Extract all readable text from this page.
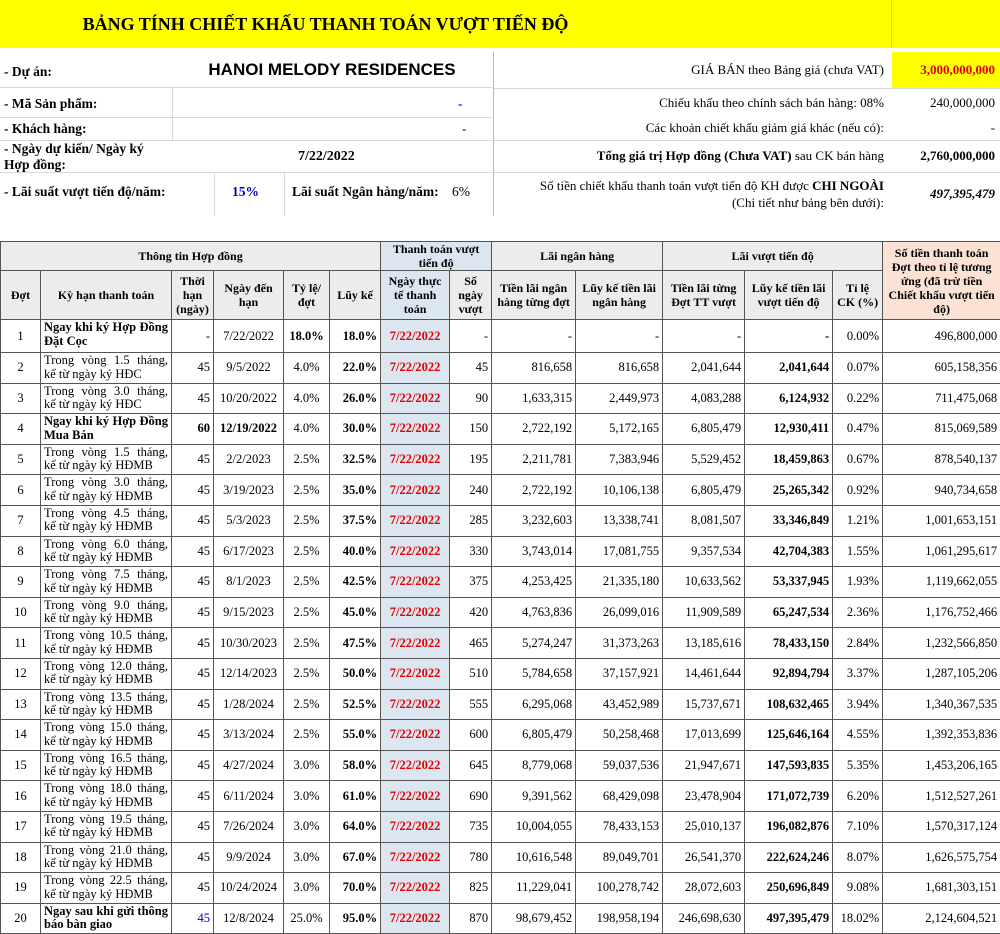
BẢNG TÍNH CHIẾT KHẤU THANH TOÁN VƯỢT TIẾN ĐỘ
- Dự án:	HANOI MELODY RESIDENCES
- Mã Sản phẩm:	-
- Khách hàng:	-
- Ngày dự kiến/ Ngày ký
Hợp đồng:
7/22/2022
- Lãi suất vượt tiến độ/năm:	15% Lãi suất Ngân hàng/năm: 6%
GIÁ BÁN theo Bảng giá (chưa VAT)	3,000,000,000
Chiếu khấu theo chính sách bán hàng: 08%	240,000,000
Các khoản chiết khấu giảm giá khác (nếu có):	-
Tổng giá trị Hợp đồng (Chưa VAT) sau CK bán hàng	2,760,000,000
Số tiền chiết khấu thanh toán vượt tiến độ KH được CHI NGOÀI
(Chi tiết như bảng bên dưới):
497,395,479
Thông tin Hợp đồng						Thanh toán vượt tiến độ		Lãi ngân hàng		Lãi vượt tiến độ			Số tiền thanh toán Đợt theo tỉ lệ tương ứng (đã trừ tiền Chiết khấu vượt tiến độ)
Đợt	Kỳ hạn thanh toán	Thời hạn (ngày)	Ngày đến hạn	Tỷ lệ/đợt	Lũy kế	Ngày thực tế thanh toán	Số ngày vượt	Tiền lãi ngân hàng từng đợt	Lũy kế tiền lãi ngân hàng	Tiền lãi từng Đợt TT vượt	Lũy kế tiền lãi vượt tiến độ	Tỉ lệ CK (%)	
1	Ngay khi ký Hợp Đồng Đặt Cọc	-	7/22/2022	18.0%	18.0%	7/22/2022	-	-	-	-	-	0.00%	496,800,000
2	Trong vòng 1.5 tháng, kể từ ngày ký HĐC	45	9/5/2022	4.0%	22.0%	7/22/2022	45	816,658	816,658	2,041,644	2,041,644	0.07%	605,158,356
3	Trong vòng 3.0 tháng, kể từ ngày ký HĐC	45	10/20/2022	4.0%	26.0%	7/22/2022	90	1,633,315	2,449,973	4,083,288	6,124,932	0.22%	711,475,068
4	Ngay khi ký Hợp Đồng Mua Bán	60	12/19/2022	4.0%	30.0%	7/22/2022	150	2,722,192	5,172,165	6,805,479	12,930,411	0.47%	815,069,589
5	Trong vòng 1.5 tháng, kể từ ngày ký HĐMB	45	2/2/2023	2.5%	32.5%	7/22/2022	195	2,211,781	7,383,946	5,529,452	18,459,863	0.67%	878,540,137
6	Trong vòng 3.0 tháng, kể từ ngày ký HĐMB	45	3/19/2023	2.5%	35.0%	7/22/2022	240	2,722,192	10,106,138	6,805,479	25,265,342	0.92%	940,734,658
7	Trong vòng 4.5 tháng, kể từ ngày ký HĐMB	45	5/3/2023	2.5%	37.5%	7/22/2022	285	3,232,603	13,338,741	8,081,507	33,346,849	1.21%	1,001,653,151
8	Trong vòng 6.0 tháng, kể từ ngày ký HĐMB	45	6/17/2023	2.5%	40.0%	7/22/2022	330	3,743,014	17,081,755	9,357,534	42,704,383	1.55%	1,061,295,617
9	Trong vòng 7.5 tháng, kể từ ngày ký HĐMB	45	8/1/2023	2.5%	42.5%	7/22/2022	375	4,253,425	21,335,180	10,633,562	53,337,945	1.93%	1,119,662,055
10	Trong vòng 9.0 tháng, kể từ ngày ký HĐMB	45	9/15/2023	2.5%	45.0%	7/22/2022	420	4,763,836	26,099,016	11,909,589	65,247,534	2.36%	1,176,752,466
11	Trong vòng 10.5 tháng, kể từ ngày ký HĐMB	45	10/30/2023	2.5%	47.5%	7/22/2022	465	5,274,247	31,373,263	13,185,616	78,433,150	2.84%	1,232,566,850
12	Trong vòng 12.0 tháng, kể từ ngày ký HĐMB	45	12/14/2023	2.5%	50.0%	7/22/2022	510	5,784,658	37,157,921	14,461,644	92,894,794	3.37%	1,287,105,206
13	Trong vòng 13.5 tháng, kể từ ngày ký HĐMB	45	1/28/2024	2.5%	52.5%	7/22/2022	555	6,295,068	43,452,989	15,737,671	108,632,465	3.94%	1,340,367,535
14	Trong vòng 15.0 tháng, kể từ ngày ký HĐMB	45	3/13/2024	2.5%	55.0%	7/22/2022	600	6,805,479	50,258,468	17,013,699	125,646,164	4.55%	1,392,353,836
15	Trong vòng 16.5 tháng, kể từ ngày ký HĐMB	45	4/27/2024	3.0%	58.0%	7/22/2022	645	8,779,068	59,037,536	21,947,671	147,593,835	5.35%	1,453,206,165
16	Trong vòng 18.0 tháng, kể từ ngày ký HĐMB	45	6/11/2024	3.0%	61.0%	7/22/2022	690	9,391,562	68,429,098	23,478,904	171,072,739	6.20%	1,512,527,261
17	Trong vòng 19.5 tháng, kể từ ngày ký HĐMB	45	7/26/2024	3.0%	64.0%	7/22/2022	735	10,004,055	78,433,153	25,010,137	196,082,876	7.10%	1,570,317,124
18	Trong vòng 21.0 tháng, kể từ ngày ký HĐMB	45	9/9/2024	3.0%	67.0%	7/22/2022	780	10,616,548	89,049,701	26,541,370	222,624,246	8.07%	1,626,575,754
19	Trong vòng 22.5 tháng, kể từ ngày ký HĐMB	45	10/24/2024	3.0%	70.0%	7/22/2022	825	11,229,041	100,278,742	28,072,603	250,696,849	9.08%	1,681,303,151
20	Ngay sau khi gửi thông báo bàn giao	45	12/8/2024	25.0%	95.0%	7/22/2022	870	98,679,452	198,958,194	246,698,630	497,395,479	18.02%	2,124,604,521
